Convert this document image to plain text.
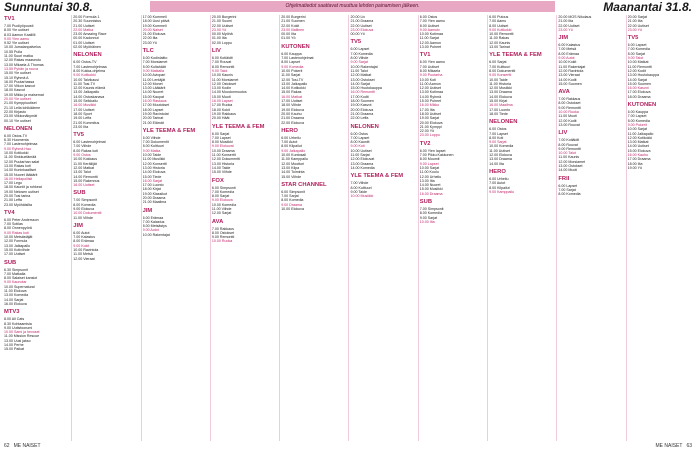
Sunnuntai 30.8.	Maanantai 31.8.
Ohjelmatiedot saattavat muuttua lehden painamisen jälkeen.
TV1
7.00 Puoliyöpuusti
8.00 Yle uutiset
8.03 Aamun Kaaliilii
9.00 Ylen aamu
9.52 Yle uutiset
10.00 Jumalanpalvelus
10.55 Pulla
11.00 Suuri matka
12.00 Rakas maaseutu
13.00 Mikaela & Thomas
13.55 Pyhän ja rouva
15.00 Yle uutiset
15.10 Ryhmä A
16.00 Puutarhassa
17.00 Viikon kasvot
18.00 Kasvot
19.00 Mikko ja maisemat
20.00 Yle uutiset
21.00 Kymppiuutiset
21.10 Leila lohikäärme
22.00 Kirjasto
23.00 Viikkonäkymät
00.10 Yle uutiset
NELONEN
6.00 Ostos-TV
6.30 Huomenta
7.00 Lastenohjelmaa
9.00 Ryhmä Hau
10.00 Kotikokki
11.00 Sinkkuelämää
12.00 Puutarhan salat
13.00 Rakas koti
14.00 Kuninkaalliset
15.00 Nuoret lääkärit
16.00 Hellapoliisit
17.00 Lego
18.00 Kauniit ja rohkeat
19.00 Nelosen uutiset
20.00 Tosi tarina
21.00 Leffa
23.00 Myöhäisilta
TV4
6.00 Peter Andersson
7.00 Sotilas
8.00 Onnenpyörä
9.00 Rakas koti
10.00 Metsästäjät
12.00 Formula
13.00 Jalkapallo
15.00 Kotiviihde
17.00 Uutiset
SUB
6.30 Simpsonit
7.00 Matkalla
8.00 Salaiset kansiot
9.00 Kaunotar
10.00 Supernatural
11.00 Elokuva
13.00 Komedia
14.00 Sarjat
16.00 Elokuva
MTV3
8.00 All Cats
8.30 Kohtaamisia
9.00 Uutisfoorumi
10.00 Sami ja hevoset
11.00 Mission Rescue
13.00 Uusi jakso
14.00 Perhe
15.00 Paikat
20.00 Formula 1
20.30 Suunnistus
21.00 Uutiset
22.00 Matka
23.00 Amazing Race
00.00 Kadonnut
01.00 Uutiset
02.00 Myöhäinen
NELONEN
6.00 Ostos-TV
7.00 Lastenohjelmaa
8.00 Kukka-ohjelma
9.00 Kotikokki
10.00 Talvikausi
11.00 Tosi-TV
12.00 Kaunis elämä
13.00 Jalkapallo
14.00 Ostoskanava
15.00 Seikkailu
16.00 Musiikki
17.00 Uutiset
18.00 Sport
19.00 Leffa
21.00 Kummitus
23.00 Ilta
TV5
6.00 Lastenohjelmat
7.00 Viihde
8.00 Rakas koti
9.00 Ostos
10.00 Kokkaus
11.00 Keräilijät
12.00 Matkat
13.00 Talot
14.00 Remontti
15.00 Rakennus
16.00 Uutiset
SUB
7.00 Simpsonit
8.00 Komedia
9.00 Elokuva
10.00 Dokumentti
11.00 Viihde
JIM
6.00 Autot
7.00 Kalastus
8.00 Erämaa
9.00 Kokit
10.00 Ravintola
11.00 Metsä
12.00 Vieraat
17.00 Kummeli
18.00 Uusi päivä
19.00 Kummeli
20.00 Naiset
21.00 Elokuva
22.00 Ilta
23.00 Yö
TLC
6.00 Kodinlaitto
7.00 Morsiamet
8.00 Kultahäät
9.00 Matkalla
10.00 Aviopari
11.00 Lentäjät
12.00 Monet
13.00 Lääkärit
14.00 Nuoret
15.00 Kaupat
16.00 Raskaus
17.00 Muutokset
18.00 Lapset
19.00 Ravintolat
20.00 Tarinat
21.00 Elämät
YLE TEEMA & FEM
6.00 Viihde
7.00 Dokumentit
8.00 Kulttuuri
9.00 Matka
10.00 Taide
11.00 Musiikki
12.00 Konsertti
13.00 Historia
14.00 Elokuva
15.00 Tiede
16.00 Sarjat
17.00 Luonto
18.00 Kirjat
19.00 Klassikot
20.00 Draama
21.00 Maailma
JIM
6.00 Erämaa
7.00 Kalastus
8.00 Metsästys
9.00 Autot
10.00 Rakentajat
20.00 Burgerini
21.00 Suomi
22.00 Uutiset
23.00 Yö
00.00 Myöhä
01.00 Ilta
02.00 Loppu
LIV
6.00 Kotiäidit
7.00 Rouvat
8.00 Remontti
9.00 Talot
10.00 Kaunis
11.00 Morsiamet
12.00 Ostokset
13.00 Kodin
14.00 Muodonmuutos
15.00 Muoti
16.00 Lapset
17.00 Ruoka
18.00 Kokit
19.00 Rakkaus
20.00 Häät
YLE TEEMA & FEM
6.00 Sarjat
7.00 Lapset
8.00 Musiikki
9.00 Elokuvat
10.00 Draama
11.00 Konsertit
12.00 Dokumentti
13.00 Historia
14.00 Taide
15.00 Viihde
FOX
6.00 Simpsonit
7.00 Komedia
8.00 Sarjat
9.00 Elokuva
10.00 Komedia
11.00 Viihde
12.00 Sarjat
AVA
7.00 Rakkaus
8.00 Ostokset
9.00 Remontti
10.00 Ruoka
20.00 Burgerini
21.00 Suomen
22.00 Kokit
23.00 Illallinen
00.00 Ilta
01.00 Yö
KUTONEN
6.00 Kauppa
7.00 Lastenohjelmat
8.00 Lapset
9.00 Komedia
10.00 Pokerit
11.00 Sarjat
12.00 Tosi-TV
13.00 Jalkapallo
14.00 Kotikokki
15.00 Rakas
16.00 Matkat
17.00 Uutiset
18.00 Viihde
19.00 Elokuva
20.00 Kauhu
21.00 Draama
22.00 Elokuva
HERO
6.00 Urheilu
7.00 Autot
8.00 Kilpailut
9.00 Jalkapallo
10.00 Kuntosali
11.00 Kamppailu
12.00 Moottori
13.00 Kilpa
14.00 Toiminta
15.00 Viihde
STAR CHANNEL
6.00 Simpsonit
7.00 Sarjat
8.00 Komedia
9.00 Draama
10.00 Elokuva
20.00 Liv
21.00 Draama
22.00 Uutiset
23.00 Elokuva
00.00 Yö
TV5
6.00 Lapset
7.00 Komedia
8.00 Viihde
9.00 Sarjat
10.00 Rakentajat
11.00 Talot
12.00 Matkat
13.00 Ostokset
14.00 Sarjat
15.00 Huutokauppa
16.00 Remontti
17.00 Kodit
18.00 Suomen
19.00 Kasvot
20.00 Elokuva
21.00 Draama
22.00 Leffa
NELONEN
6.00 Ostos
7.00 Lapset
8.00 Kauniit
9.00 Koti
10.00 Uutiset
11.00 Sarjat
12.00 Elokuvat
13.00 Draama
14.00 Komedia
YLE TEEMA & FEM
7.00 Viihde
8.00 Kulttuuri
9.00 Taide
10.00 Musiikki
6.00 Ostos
7.00 Ylen aamu
8.00 Uutiset
9.00 Aamutv
10.00 Kotimaa
11.00 Sarjat
12.00 Aamun
13.00 Puheet
TV1
6.00 Ylen aamu
7.00 Uutiset
8.00 Mikaela
9.00 Puutarha
10.00 Koti
11.00 Aamun
12.00 Uutiset
13.00 Kotimaa
14.00 Ryhmä
15.00 Puheet
16.00 Mikko
17.00 Ilta
18.00 Uutiset
19.00 Sarjat
20.00 Elokuva
21.00 Kymppi
22.00 Yö
23.00 Loppu
TV2
6.00 Ylen lapset
7.00 Pikku Kakkonen
8.00 Muumit
9.00 Lapset
10.00 Sarjat
11.00 Koulu
12.00 Urheilu
13.00 Ilta
14.00 Nuoret
15.00 Musiikki
16.00 Draama
SUB
7.00 Simpsonit
8.00 Komedia
9.00 Sarjat
10.00 Ilta
6.00 Putous
7.00 Aamu
8.00 Uutiset
9.00 Kotikokki
10.00 Remontti
11.00 Rakas
12.00 Kaunis
13.00 Tarinat
YLE TEEMA & FEM
6.00 Sarjat
7.00 Kulttuuri
8.00 Dokumentti
9.00 Konsertti
10.00 Taide
11.00 Historia
12.00 Musiikki
13.00 Draama
14.00 Elokuva
15.00 Kirjat
16.00 Maailma
17.00 Luonto
18.00 Tiede
NELONEN
6.00 Ostos
7.00 Lapset
8.00 Koti
9.00 Sarjat
10.00 Komedia
11.00 Uutiset
12.00 Elokuva
13.00 Draama
14.00 Ilta
HERO
6.00 Urheilu
7.00 Autot
8.00 Kilpailut
9.00 Kamppailu
20.00 MOS Nikolaus
21.00 Ilta
22.00 Uutiset
23.00 Yö
JIM
6.00 Kalastus
7.00 Metsä
8.00 Erämaa
9.00 Autot
10.00 Kokit
11.00 Rakentajat
12.00 Ravintola
13.00 Vieraat
14.00 Kodit
15.00 Suomen
AVA
7.00 Rakkaus
8.00 Ostokset
9.00 Remontti
10.00 Ruoka
11.00 Muoti
12.00 Kodit
13.00 Rouvat
LIV
7.00 Kotiäidit
8.00 Rouvat
9.00 Remontti
10.00 Talot
11.00 Kaunis
12.00 Morsiamet
13.00 Ostokset
14.00 Muoti
FRII
6.00 Lapset
7.00 Sarjat
8.00 Komedia
20.00 Sarjat
21.00 Ilta
22.00 Uutiset
23.00 Yö
TV5
6.00 Lapset
7.00 Komedia
8.00 Sarjat
9.00 Talot
10.00 Matkat
11.00 Remontti
12.00 Kodit
13.00 Huutokauppa
14.00 Sarjat
15.00 Suomen
16.00 Kasvot
17.00 Elokuva
18.00 Draama
KUTONEN
6.00 Kauppa
7.00 Lapset
8.00 Komedia
9.00 Pokerit
10.00 Sarjat
11.00 Jalkapallo
12.00 Kotikokki
13.00 Matkat
14.00 Uutiset
15.00 Elokuva
16.00 Kauhu
17.00 Draama
18.00 Ilta
19.00 Yö
62 ME NAISET	ME NAISET 63
